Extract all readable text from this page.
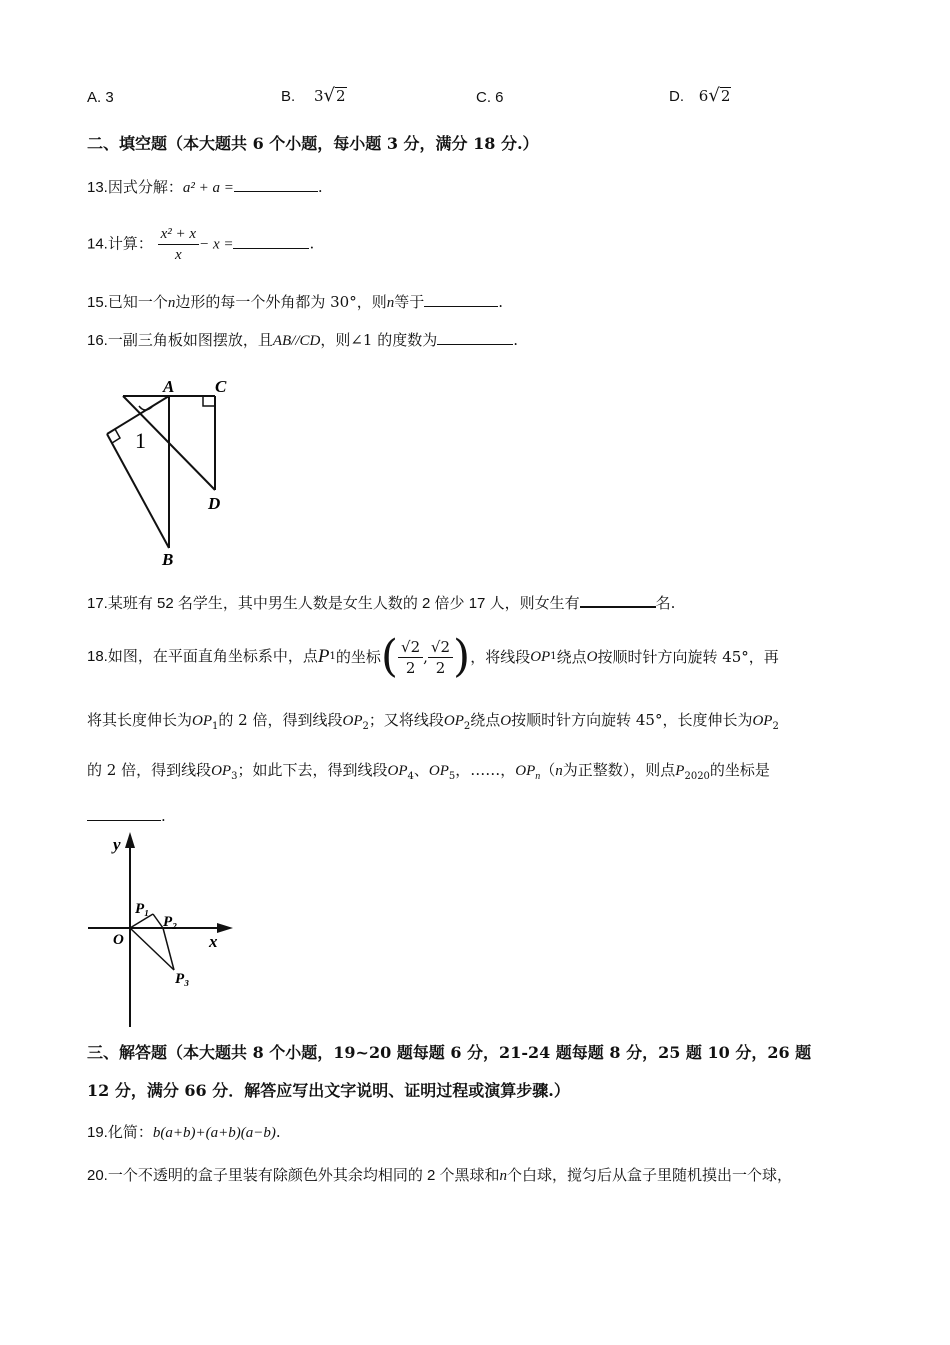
A. 3	B. 3√2	C. 6	D. 6√2
二、填空题（本大题共 6 个小题，每小题 3 分，满分 18 分.）
13.因式分解：a² + a =	.
14.计算： $\frac{\text{x² + x}}{x} - x$ =	.
15.已知一个n边形的每一个外角都为 30°，则n等于	.
16.一副三角板如图摆放，且AB//CD，则∠1 的度数为	.
A C
D
B
1
17.某班有 52 名学生，其中男生人数是女生人数的 2 倍少 17 人，则女生有	名.
18.如图，在平面直角坐标系中，点 P 1 的坐标 ( $\frac{√2}{2}$ , $\frac{√2}{2}$ ) ，将线段 OP 1 绕点 O 按顺时针方向旋转 45°，再
将其长度伸长为$OP_1$的 2 倍，得到线段$OP_2$；又将线段$OP_2$绕点O按顺时针方向旋转 45°，长度伸长为$OP_2$
的 2 倍，得到线段$OP_3$；如此下去，得到线段$OP_4$、$OP_5$，……，$OP_n(n$为正整数），则点$P_{2020}$的坐标是
.
y
x
O
P₁
P₂
P₃
三、解答题（本大题共 8 个小题，19~20 题每题 6 分，21-24 题每题 8 分，25 题 10 分，26 题
12 分，满分 66 分．解答应写出文字说明、证明过程或演算步骤.）
19.化简：b(a+b)+(a+b)(a−b).
20.一个不透明的盒子里装有除颜色外其余均相同的 2 个黑球和n个白球，搅匀后从盒子里随机摸出一个球，
